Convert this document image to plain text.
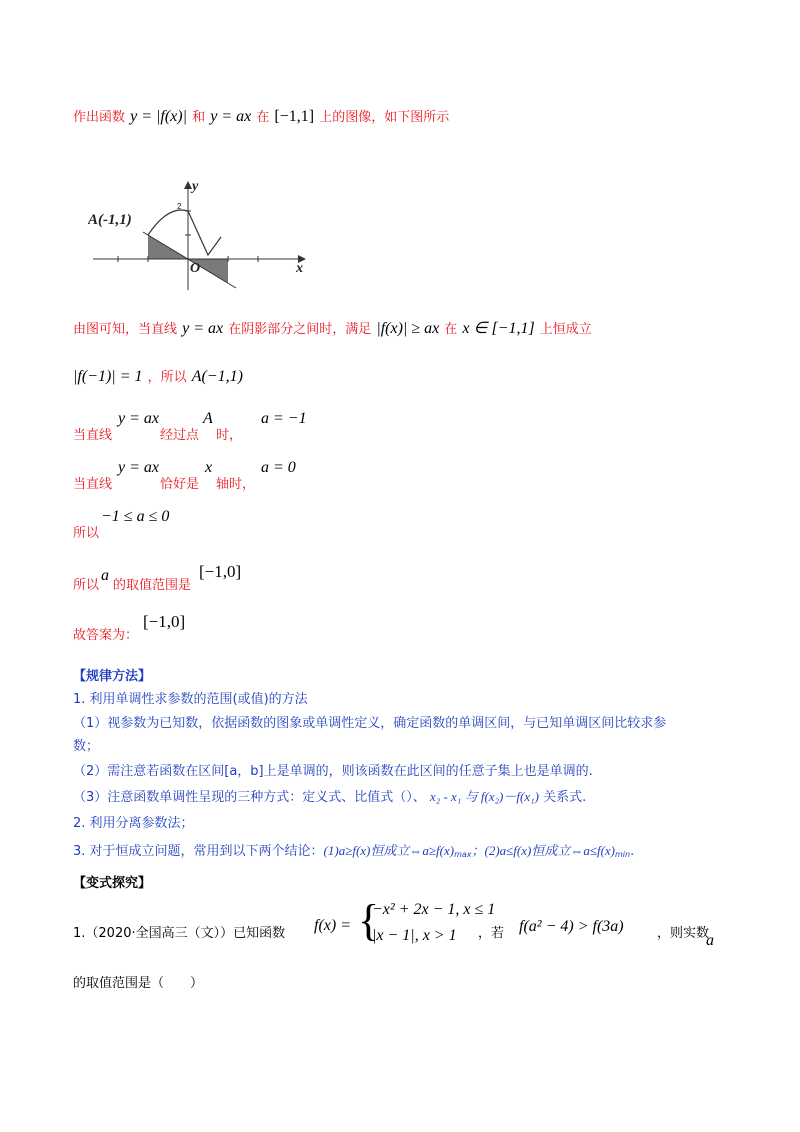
作出函数 y = |f(x)| 和 y = ax 在 [−1,1] 上的图像，如下图所示
A(-1,1)
y
x
O
2
由图可知，当直线 y = ax 在阴影部分之间时，满足 |f(x)| ≥ ax 在 x ∈ [−1,1] 上恒成立
|f(−1)| = 1 ，所以 A(−1,1)
当直线
y = ax
经过点
A
时，
a = −1
当直线
y = ax
恰好是
x
轴时，
a = 0
所以
−1 ≤ a ≤ 0
所以
a
的取值范围是
[−1,0]
故答案为：
[−1,0]
【规律方法】
1. 利用单调性求参数的范围(或值)的方法
（1）视参数为已知数，依据函数的图象或单调性定义，确定函数的单调区间，与已知单调区间比较求参
数；
（2）需注意若函数在区间[a，b]上是单调的，则该函数在此区间的任意子集上也是单调的.
（3）注意函数单调性呈现的三种方式：定义式、比值式（）、 x₂ - x₁ 与 f(x₂)－f(x₁) 关系式.
2. 利用分离参数法；
3. 对于恒成立问题，常用到以下两个结论：(1)a≥f(x)恒成立$\Leftrightarrow a\ge f(x)_{max}$；(2)a≤f(x)恒成立$\Leftrightarrow a\le f(x)_{min}$.
【变式探究】
1.（2020·全国高三（文））已知函数 f(x) = {
−x² + 2x − 1, x ≤ 1
|x − 1|, x > 1 ，若 f(a² − 4) > f(3a)	，则实数
a
的取值范围是（　　）
